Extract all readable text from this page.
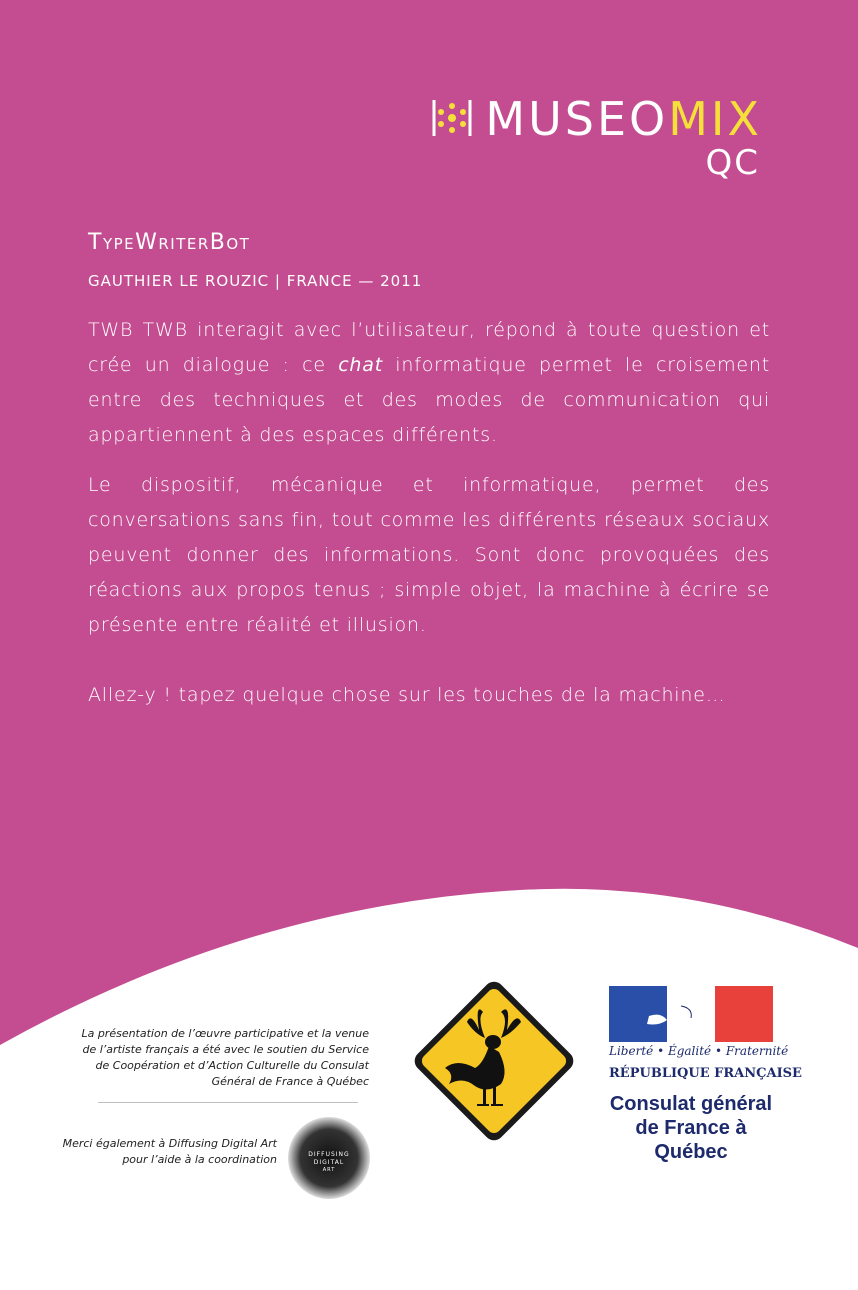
MUSEOMIX
QC
TypeWriterBot
GAUTHIER LE ROUZIC | FRANCE — 2011

TWB TWB interagit avec l’utilisateur, répond à toute question et crée un dialogue : ce chat informatique permet le croisement entre des techniques et des modes de communication qui appartiennent à des espaces différents.

Le dispositif, mécanique et informatique, permet des conversations sans fin, tout comme les différents réseaux sociaux peuvent donner des informations. Sont donc provoquées des réactions aux propos tenus ; simple objet, la machine à écrire se présente entre réalité et illusion.

Allez-y ! tapez quelque chose sur les touches de la machine…

La présentation de l’œuvre participative et la venue de l’artiste français a été avec le soutien du Service de Coopération et d’Action Culturelle du Consulat Général de France à Québec
Merci également à Diffusing Digital Art pour l’aide à la coordination	DIFFUSING
DIGITAL
ART
Liberté • Égalité • Fraternité
RÉPUBLIQUE FRANÇAISE
Consulat général de France à Québec
